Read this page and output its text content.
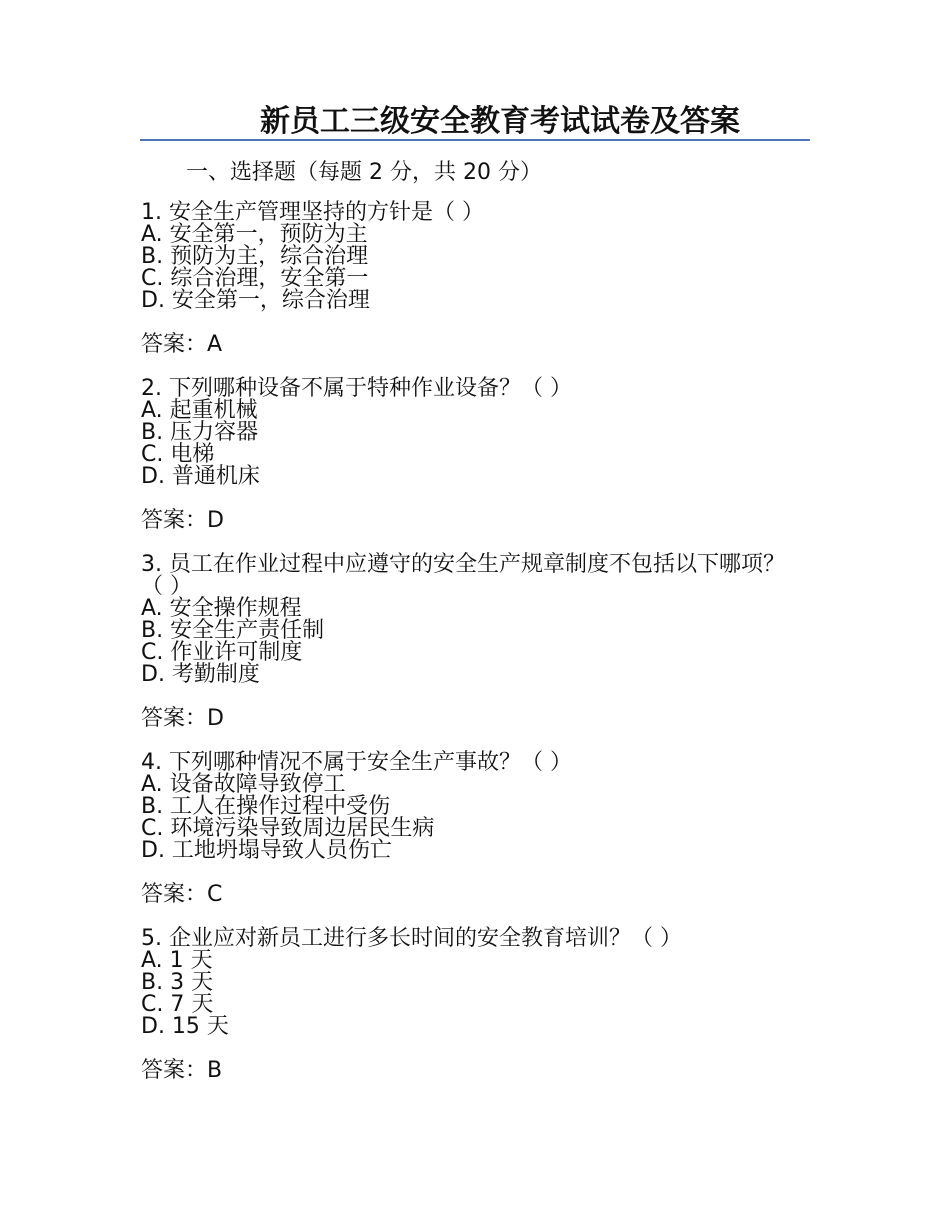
新员工三级安全教育考试试卷及答案
一、选择题（每题 2 分，共 20 分）

1. 安全生产管理坚持的方针是（ ）

A. 安全第一，预防为主

B. 预防为主，综合治理

C. 综合治理，安全第一

D. 安全第一，综合治理

答案：A

2. 下列哪种设备不属于特种作业设备？（ ）

A. 起重机械

B. 压力容器

C. 电梯

D. 普通机床

答案：D

3. 员工在作业过程中应遵守的安全生产规章制度不包括以下哪项？（ ）

A. 安全操作规程

B. 安全生产责任制

C. 作业许可制度

D. 考勤制度

答案：D

4. 下列哪种情况不属于安全生产事故？（ ）

A. 设备故障导致停工

B. 工人在操作过程中受伤

C. 环境污染导致周边居民生病

D. 工地坍塌导致人员伤亡

答案：C

5. 企业应对新员工进行多长时间的安全教育培训？（ ）

A. 1 天

B. 3 天

C. 7 天

D. 15 天

答案：B
